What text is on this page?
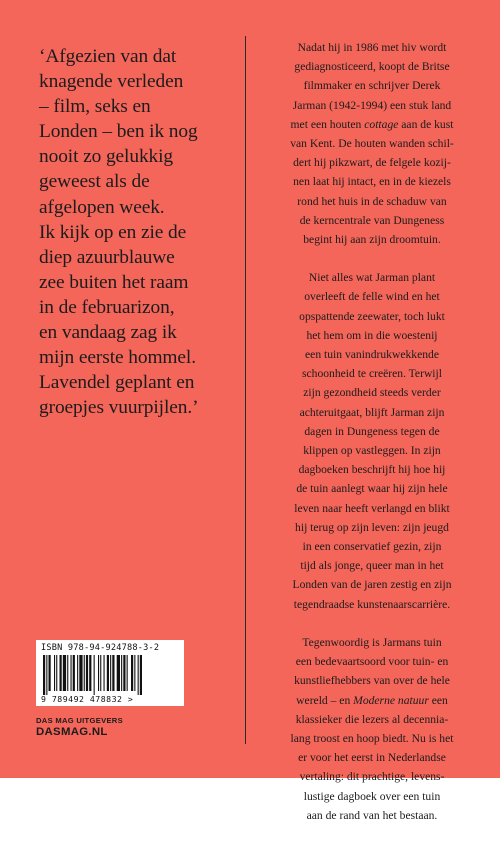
‘Afgezien van dat
knagende verleden
– film, seks en
Londen – ben ik nog
nooit zo gelukkig
geweest als de
afgelopen week.
Ik kijk op en zie de
diep azuurblauwe
zee buiten het raam
in de februarizon,
en vandaag zag ik
mijn eerste hommel.
Lavendel geplant en
groepjes vuurpijlen.’
Nadat hij in 1986 met hiv wordt
gediagnosticeerd, koopt de Britse
filmmaker en schrijver Derek
Jarman (1942-1994) een stuk land
met een houten cottage aan de kust
van Kent. De houten wanden schil-
dert hij pikzwart, de felgele kozij-
nen laat hij intact, en in de kiezels
rond het huis in de schaduw van
de kerncentrale van Dungeness
begint hij aan zijn droomtuin.
Niet alles wat Jarman plant
overleeft de felle wind en het
opspattende zeewater, toch lukt
het hem om in die woestenij
een tuin vanindrukwekkende
schoonheid te creëren. Terwijl
zijn gezondheid steeds verder
achteruitgaat, blijft Jarman zijn
dagen in Dungeness tegen de
klippen op vastleggen. In zijn
dagboeken beschrijft hij hoe hij
de tuin aanlegt waar hij zijn hele
leven naar heeft verlangd en blikt
hij terug op zijn leven: zijn jeugd
in een conservatief gezin, zijn
tijd als jonge, queer man in het
Londen van de jaren zestig en zijn
tegendraadse kunstenaarscarrière.
Tegenwoordig is Jarmans tuin
een bedevaartsoord voor tuin- en
kunstliefhebbers van over de hele
wereld – en Moderne natuur een
klassieker die lezers al decennia-
lang troost en hoop biedt. Nu is het
er voor het eerst in Nederlandse
vertaling: dit prachtige, levens-
lustige dagboek over een tuin
aan de rand van het bestaan.
ISBN 978-94-924788-3-2
9 789492 478832 >
DAS MAG UITGEVERS
DASMAG.NL
